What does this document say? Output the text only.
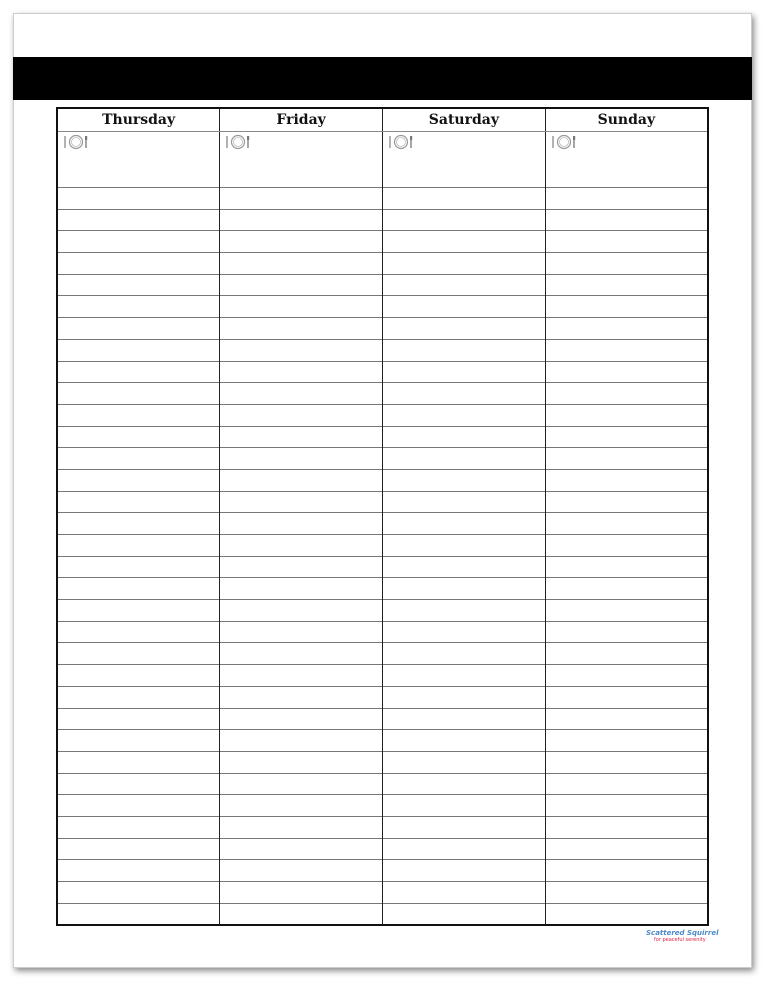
Thursday	Friday	Saturday	Sunday

Scattered Squirrel
for peaceful serenity
